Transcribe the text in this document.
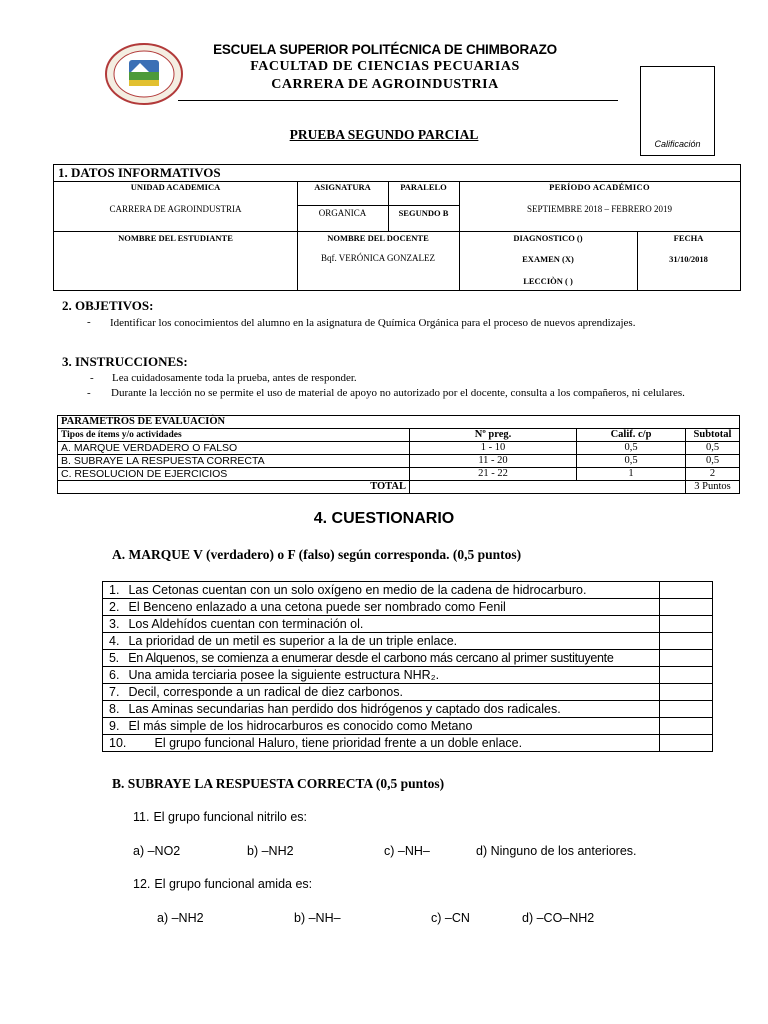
ESCUELA SUPERIOR POLITÉCNICA DE CHIMBORAZO
FACULTAD DE CIENCIAS PECUARIAS
CARRERA DE AGROINDUSTRIA
Calificación
PRUEBA SEGUNDO PARCIAL
1. DATOS INFORMATIVOS
UNIDAD ACADEMICA
CARRERA DE AGROINDUSTRIA
ASIGNATURA
ORGANICA
PARALELO
SEGUNDO B
PERÍODO ACADÉMICO
SEPTIEMBRE 2018 – FEBRERO 2019
NOMBRE DEL ESTUDIANTE	NOMBRE DEL DOCENTE
Bqf. VERÓNICA GONZALEZ
DIAGNOSTICO ()
EXAMEN (X)
LECCIÒN ( )
FECHA
31/10/2018
2. OBJETIVOS:
- Identificar los conocimientos del alumno en la asignatura de Química Orgánica para el proceso de nuevos aprendizajes.
3. INSTRUCCIONES:
- Lea cuidadosamente toda la prueba, antes de responder.
- Durante la lección no se permite el uso de material de apoyo no autorizado por el docente, consulta a los compañeros, ni celulares.
PARAMETROS DE EVALUACIÒN			
Tipos de ítems y/o actividades	Nº preg.	Calif. c/p	Subtotal
A. MARQUE VERDADERO O FALSO	1 - 10	0,5	0,5
B. SUBRAYE LA RESPUESTA CORRECTA	11 - 20	0,5	0,5
C. RESOLUCION DE EJERCICIOS	21 - 22	1	2
TOTAL			3 Puntos
4. CUESTIONARIO
A. MARQUE V (verdadero) o F (falso) según corresponda. (0,5 puntos)
1. Las Cetonas cuentan con un solo oxígeno en medio de la cadena de hidrocarburo.	
2. El Benceno enlazado a una cetona puede ser nombrado como Fenil	
3. Los Aldehídos cuentan con terminación ol.	
4. La prioridad de un metil es superior a la de un triple enlace.	
5. En Alquenos, se comienza a enumerar desde el carbono más cercano al primer sustituyente	
6. Una amida terciaria posee la siguiente estructura NHR₂.	
7. Decil, corresponde a un radical de diez carbonos.	
8. Las Aminas secundarias han perdido dos hidrógenos y captado dos radicales.	
9. El más simple de los hidrocarburos es conocido como Metano	
10. El grupo funcional Haluro, tiene prioridad frente a un doble enlace.	
B. SUBRAYE LA RESPUESTA CORRECTA (0,5 puntos)
11. El grupo funcional nitrilo es:
a) –NO2	b) –NH2	c) –NH–	d) Ninguno de los anteriores.
12. El grupo funcional amida es:
a) –NH2	b) –NH–	c) –CN	d) –CO–NH2
